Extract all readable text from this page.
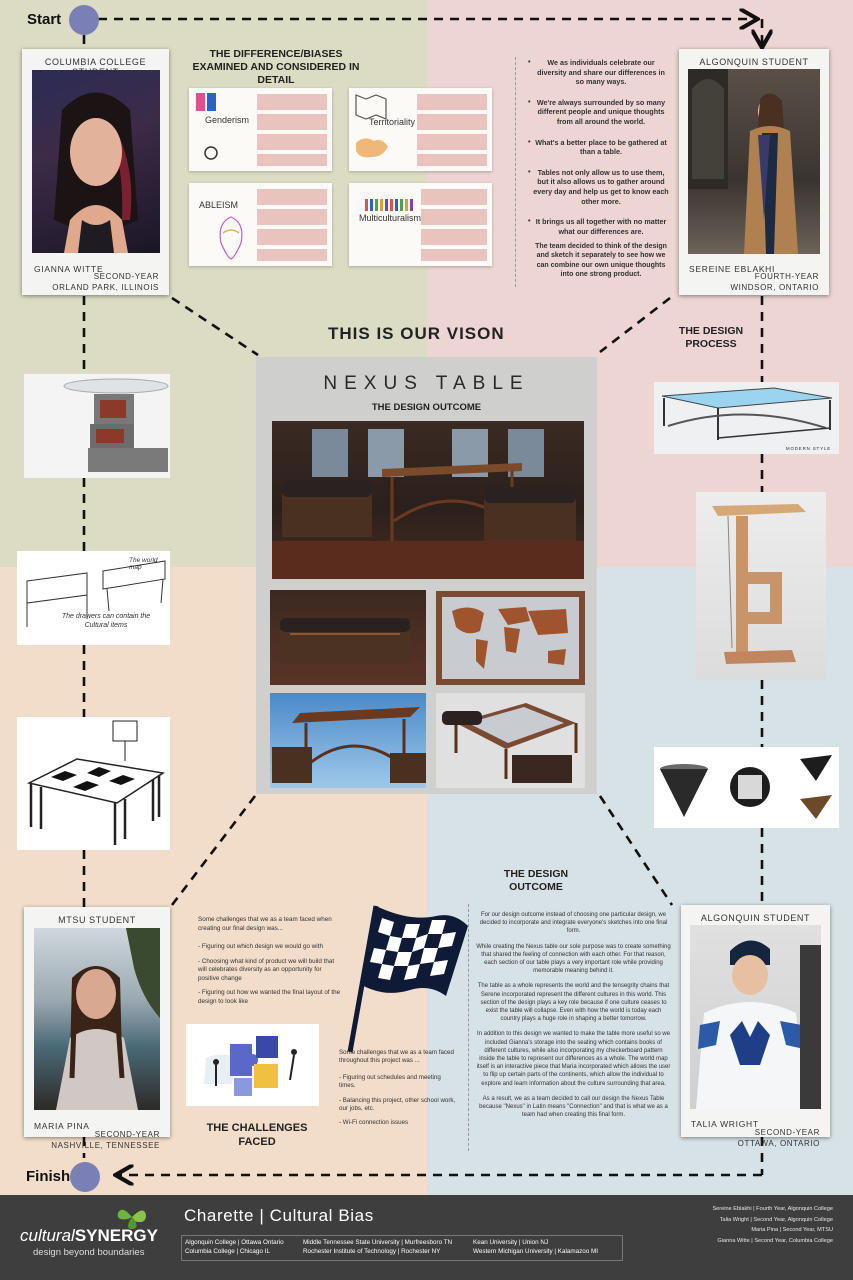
Start
Finish
COLUMBIA COLLEGE
GIANNA WITTE
SECOND-YEAR
ORLAND PARK, ILLINOIS
THE DIFFERENCE/BIASES EXAMINED AND CONSIDERED IN DETAIL
Genderism	Territoriality
ABLEISM
Multiculturalism
• We as individuals celebrate our diversity and share our differences in so many ways.
• We're always surrounded by so many different people and unique thoughts from all around the world.
• What's a better place to be gathered at than a table.
• Tables not only allow us to use them, but it also allows us to gather around every day and help us get to know each other more.
• It brings us all together with no matter what our differences are.
The team decided to think of the design and sketch it separately to see how we can combine our own unique thoughts into one strong product.
ALGONQUIN STUDENT
SEREINE EBLAKHI
FOURTH-YEAR
WINDSOR, ONTARIO
THIS IS OUR VISON	THE DESIGN PROCESS
The drawers can contain the Cultural items
The world map
NEXUS TABLE
THE DESIGN OUTCOME
MODERN STYLE
MTSU STUDENT
MARIA PINA
SECOND-YEAR
NASHVILLE, TENNESSEE
Some challenges that we as a team faced when creating our final design was...
- Figuring out which design we would go with
- Choosing what kind of product we will build that will celebrates diversity as an opportunity for positive change
- Figuring out how we wanted the final layout of the design to look like
THE CHALLENGES FACED
Some challenges that we as a team faced throughout this project was ...
- Figuring out schedules and meeting times.
- Balancing this project, other school work, our jobs, etc.
- Wi-Fi connection issues
THE DESIGN OUTCOME
For our design outcome instead of choosing one particular design, we decided to incorporate and integrate everyone's sketches into one final form.
While creating the Nexus table our sole purpose was to create something that shared the feeling of connection with each other. For that reason, each section of our table plays a very important role while providing memorable meaning behind it.
The table as a whole represents the world and the tensegrity chains that Serene incorporated represent the different cultures in this world. This section of the design plays a key role because if one culture ceases to exist the table will collapse. Even with how the world is today each country plays a huge role in shaping a better tomorrow.
In addition to this design we wanted to make the table more useful so we included Gianna's storage into the seating which contains books of different cultures, while also incorporating my checkerboard pattern inside the table to represent our differences as a whole. The world map itself is an interactive piece that Maria incorporated which allows the user to flip up certain parts of the continents, which allow the individual to explore and learn information about the culture surrounding that area.
As a result, we as a team decided to call our design the Nexus Table because "Nexus" in Latin means "Connection" and that is what we as a team had when creating this final form.
ALGONQUIN STUDENT
TALIA WRIGHT
SECOND-YEAR
OTTAWA, ONTARIO
culturalSYNERGY
design beyond boundaries
Charette | Cultural Bias
Algonquin College | Ottawa Ontario
Columbia College | Chicago IL
Middle Tennessee State University | Murfreesboro TN
Rochester Institute of Technology | Rochester NY
Kean University | Union NJ
Western Michigan University | Kalamazoo MI
Sereine Eblakhi | Fourth Year, Algonquin College
Talia Wright | Second Year, Algonquin College
Maria Pina | Second Year, MTSU
Gianna Witte | Second Year, Columbia College
